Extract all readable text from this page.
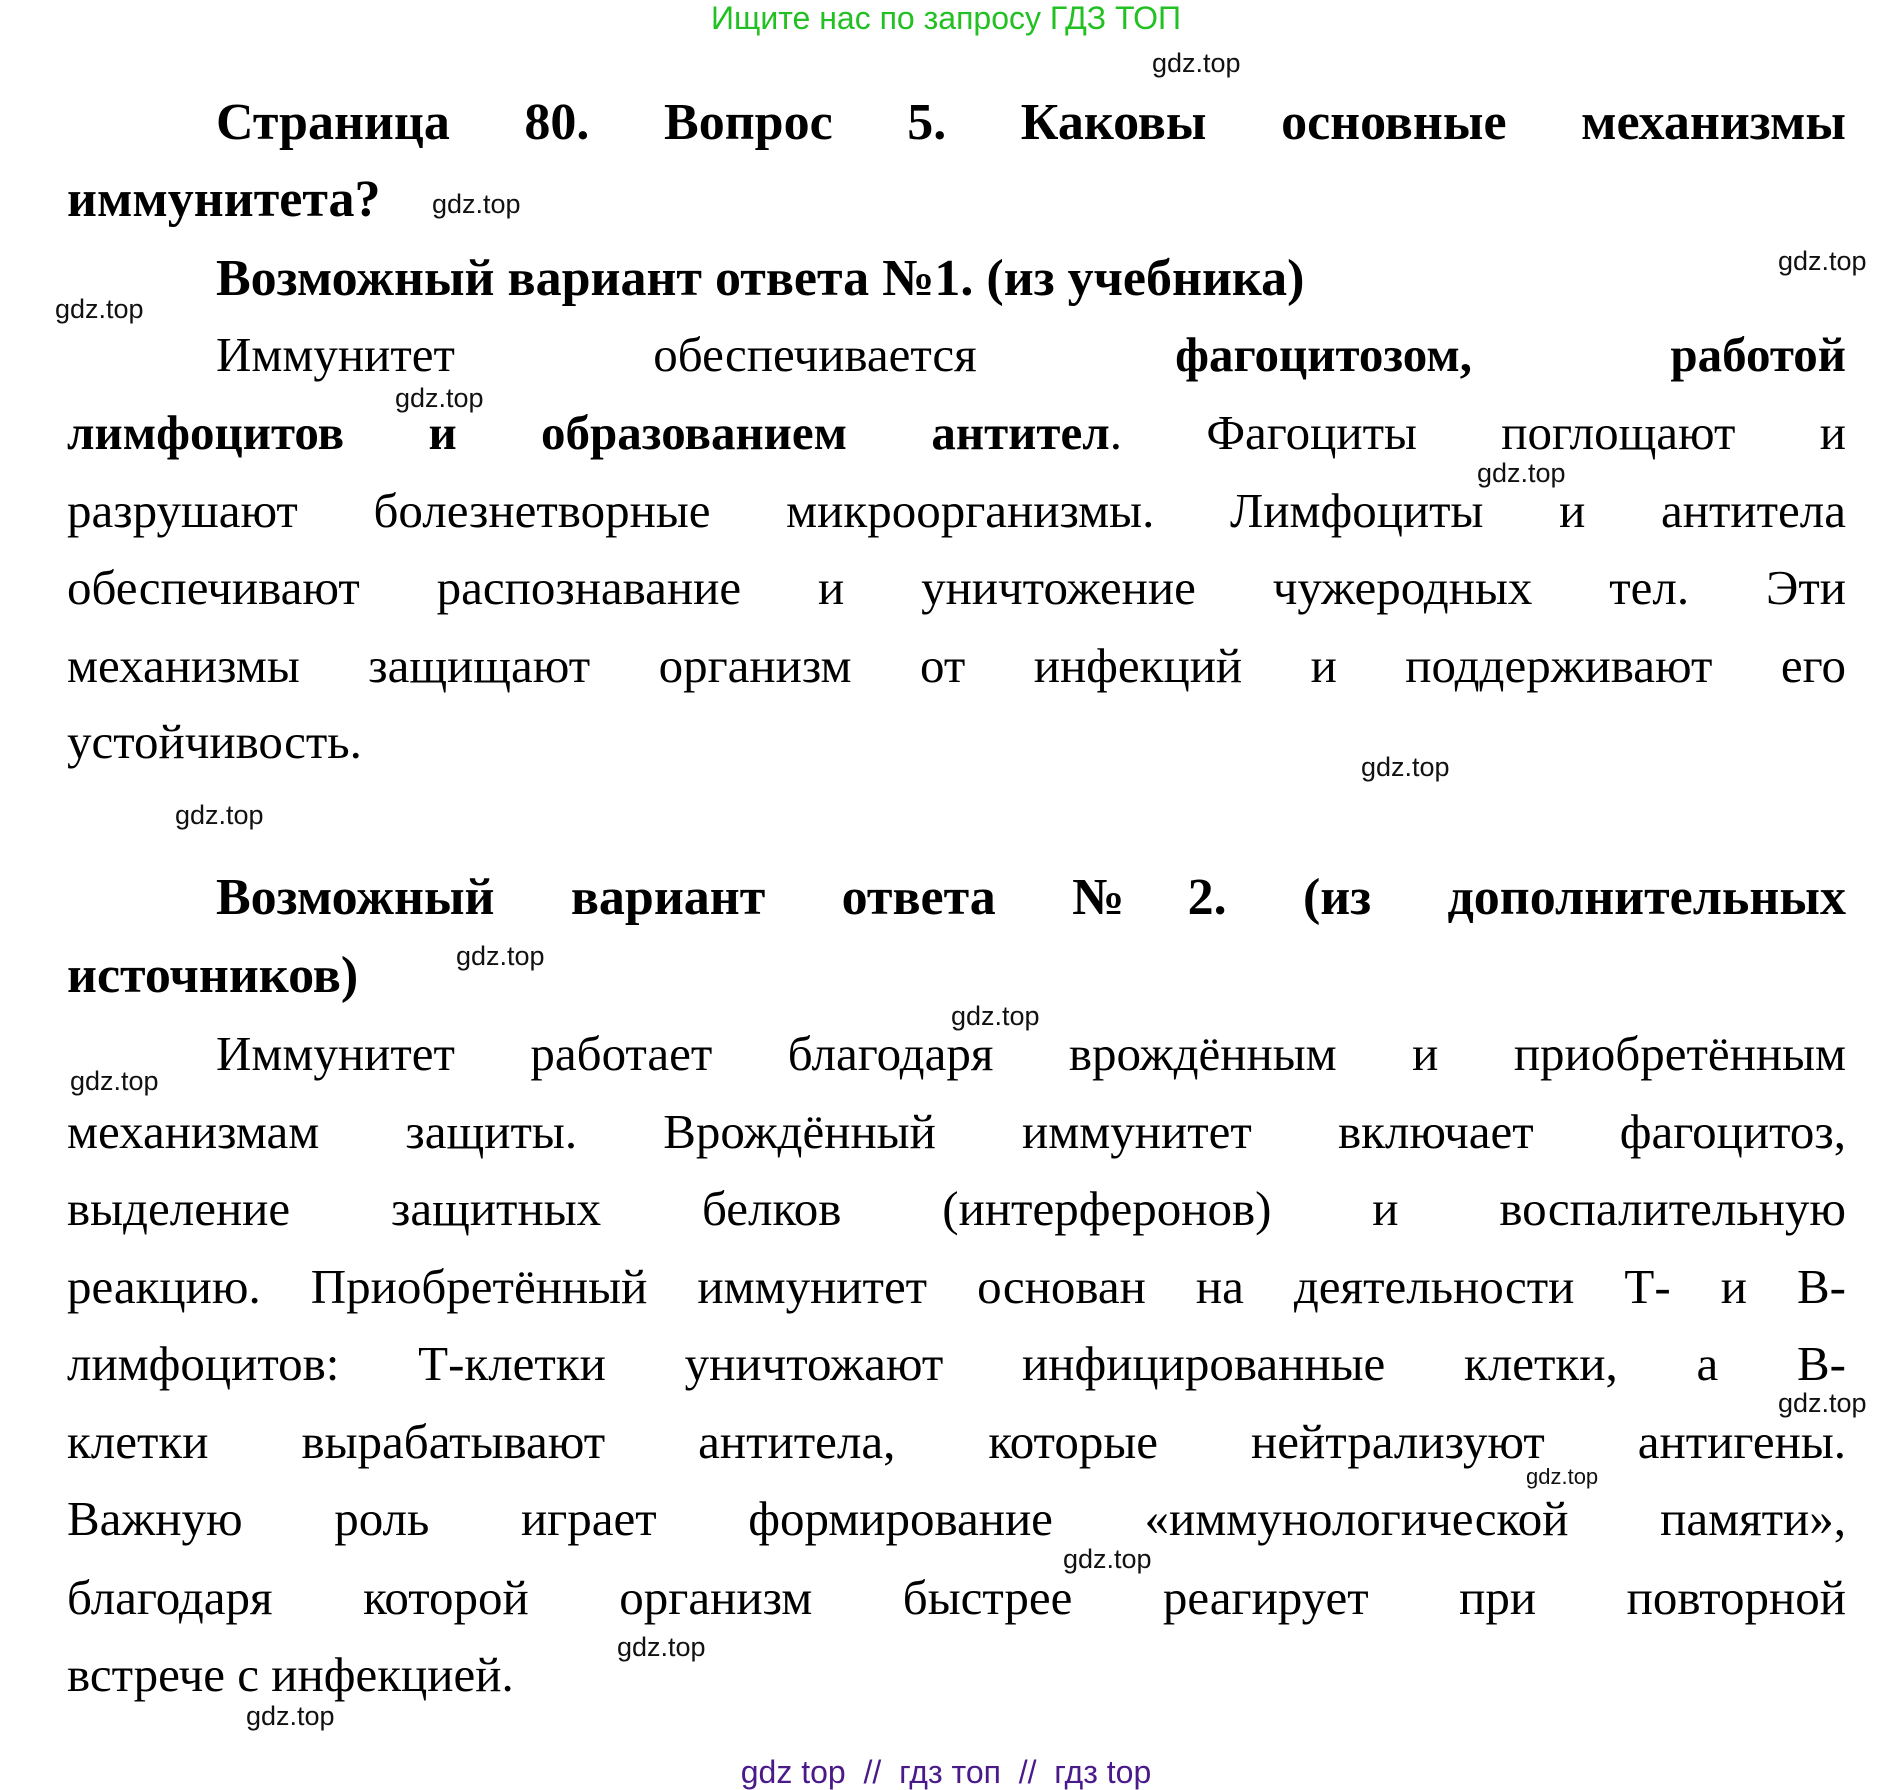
Ищите нас по запросу ГДЗ ТОП
Страница 80. Вопрос 5. Каковы основные механизмы
иммунитета?
Возможный вариант ответа №1. (из учебника)
Иммунитет обеспечивается фагоцитозом, работой
лимфоцитов и образованием антител. Фагоциты поглощают и
разрушают болезнетворные микроорганизмы. Лимфоциты и антитела
обеспечивают распознавание и уничтожение чужеродных тел. Эти
механизмы защищают организм от инфекций и поддерживают его
устойчивость.
Возможный вариант ответа №2. (из дополнительных
источников)
Иммунитет работает благодаря врождённым и приобретённым
механизмам защиты. Врождённый иммунитет включает фагоцитоз,
выделение защитных белков (интерферонов) и воспалительную
реакцию. Приобретённый иммунитет основан на деятельности Т- и В-
лимфоцитов: Т-клетки уничтожают инфицированные клетки, а В-
клетки вырабатывают антитела, которые нейтрализуют антигены.
Важную роль играет формирование «иммунологической памяти»,
благодаря которой организм быстрее реагирует при повторной
встрече с инфекцией.
gdz.top
gdz.top
gdz.top
gdz.top
gdz.top
gdz.top
gdz.top
gdz.top
gdz.top
gdz.top
gdz.top
gdz.top
gdz.top
gdz.top
gdz.top
gdz.top
gdz top  //  гдз топ  //  гдз top
